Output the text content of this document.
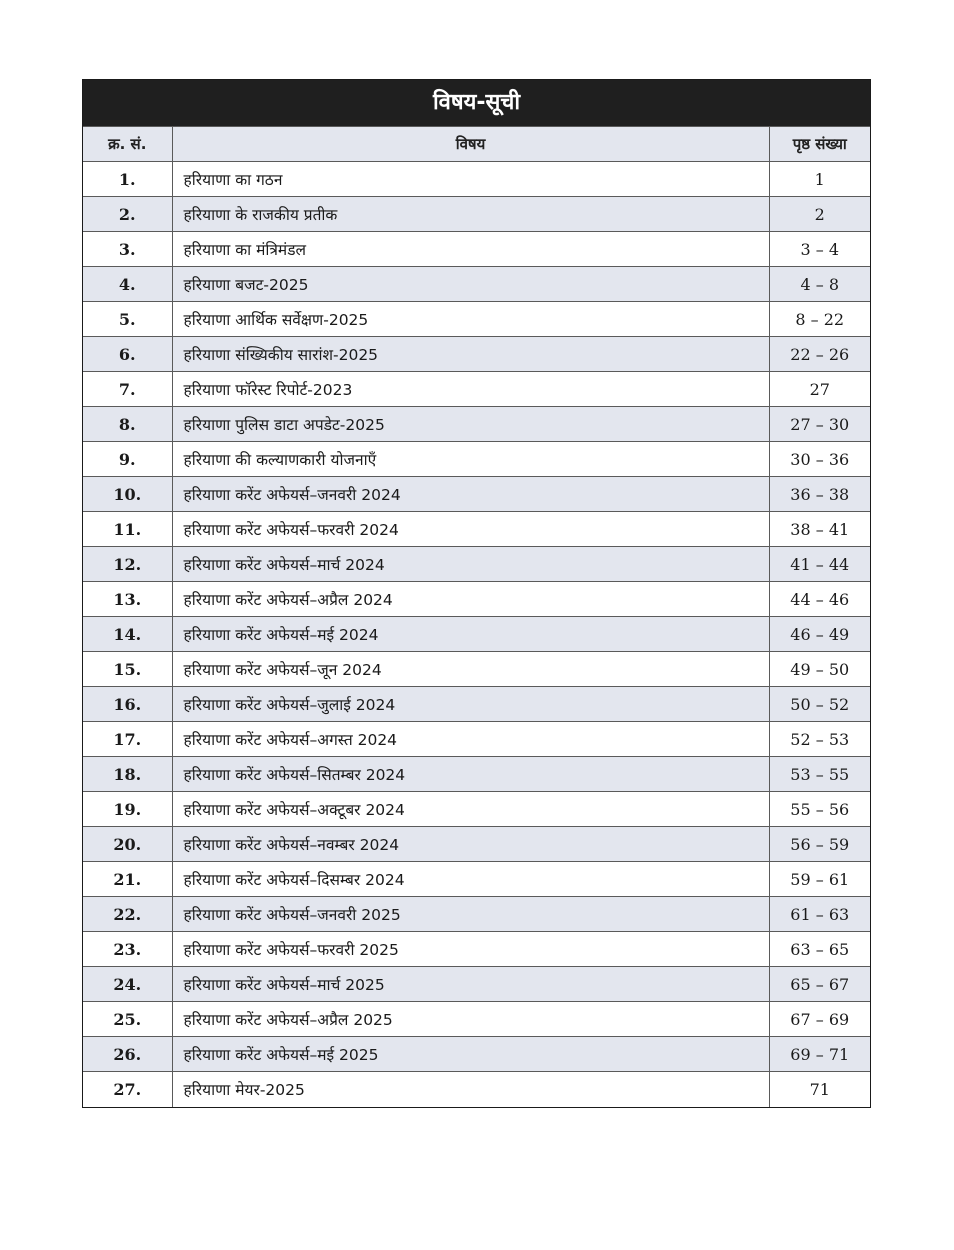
विषय-सूची
क्र. सं.	विषय	पृष्ठ संख्या
1.	हरियाणा का गठन	1
2.	हरियाणा के राजकीय प्रतीक	2
3.	हरियाणा का मंत्रिमंडल	3 – 4
4.	हरियाणा बजट-2025	4 – 8
5.	हरियाणा आर्थिक सर्वेक्षण-2025	8 – 22
6.	हरियाणा संख्यिकीय सारांश-2025	22 – 26
7.	हरियाणा फॉरेस्ट रिपोर्ट-2023	27
8.	हरियाणा पुलिस डाटा अपडेट-2025	27 – 30
9.	हरियाणा की कल्याणकारी योजनाएँ	30 – 36
10.	हरियाणा करेंट अफेयर्स–जनवरी 2024	36 – 38
11.	हरियाणा करेंट अफेयर्स–फरवरी 2024	38 – 41
12.	हरियाणा करेंट अफेयर्स–मार्च 2024	41 – 44
13.	हरियाणा करेंट अफेयर्स–अप्रैल 2024	44 – 46
14.	हरियाणा करेंट अफेयर्स–मई 2024	46 – 49
15.	हरियाणा करेंट अफेयर्स–जून 2024	49 – 50
16.	हरियाणा करेंट अफेयर्स–जुलाई 2024	50 – 52
17.	हरियाणा करेंट अफेयर्स–अगस्त 2024	52 – 53
18.	हरियाणा करेंट अफेयर्स–सितम्बर 2024	53 – 55
19.	हरियाणा करेंट अफेयर्स–अक्टूबर 2024	55 – 56
20.	हरियाणा करेंट अफेयर्स–नवम्बर 2024	56 – 59
21.	हरियाणा करेंट अफेयर्स–दिसम्बर 2024	59 – 61
22.	हरियाणा करेंट अफेयर्स–जनवरी 2025	61 – 63
23.	हरियाणा करेंट अफेयर्स–फरवरी 2025	63 – 65
24.	हरियाणा करेंट अफेयर्स–मार्च 2025	65 – 67
25.	हरियाणा करेंट अफेयर्स–अप्रैल 2025	67 – 69
26.	हरियाणा करेंट अफेयर्स–मई 2025	69 – 71
27.	हरियाणा मेयर-2025	71
